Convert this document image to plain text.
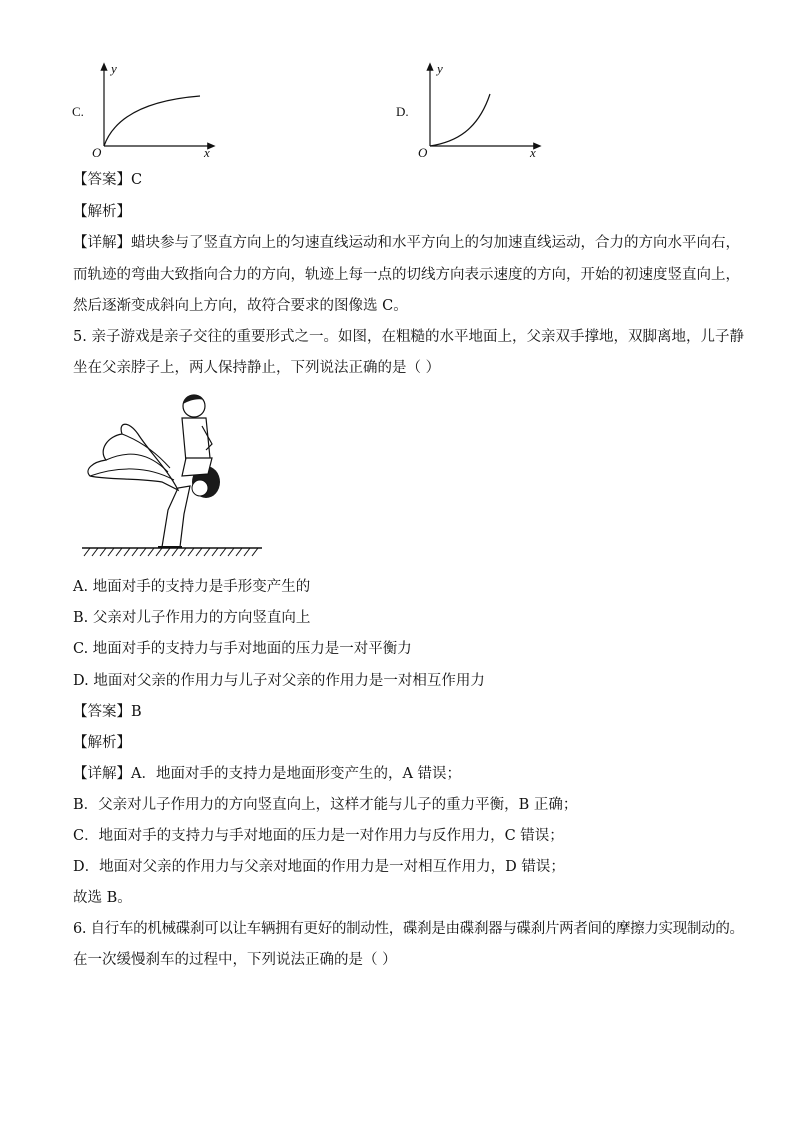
C.
y
O	x
D.
y
O	x
【答案】C
【解析】
【详解】蜡块参与了竖直方向上的匀速直线运动和水平方向上的匀加速直线运动，合力的方向水平向右，
而轨迹的弯曲大致指向合力的方向，轨迹上每一点的切线方向表示速度的方向，开始的初速度竖直向上，
然后逐渐变成斜向上方向，故符合要求的图像选 C。
5. 亲子游戏是亲子交往的重要形式之一。如图，在粗糙的水平地面上，父亲双手撑地，双脚离地，儿子静
坐在父亲脖子上，两人保持静止，下列说法正确的是（ ）
A. 地面对手的支持力是手形变产生的
B. 父亲对儿子作用力的方向竖直向上
C. 地面对手的支持力与手对地面的压力是一对平衡力
D. 地面对父亲的作用力与儿子对父亲的作用力是一对相互作用力
【答案】B
【解析】
【详解】A．地面对手的支持力是地面形变产生的，A 错误；
B．父亲对儿子作用力的方向竖直向上，这样才能与儿子的重力平衡，B 正确；
C．地面对手的支持力与手对地面的压力是一对作用力与反作用力，C 错误；
D．地面对父亲的作用力与父亲对地面的作用力是一对相互作用力，D 错误；
故选 B。
6. 自行车的机械碟刹可以让车辆拥有更好的制动性，碟刹是由碟刹器与碟刹片两者间的摩擦力实现制动的。
在一次缓慢刹车的过程中，下列说法正确的是（ ）
